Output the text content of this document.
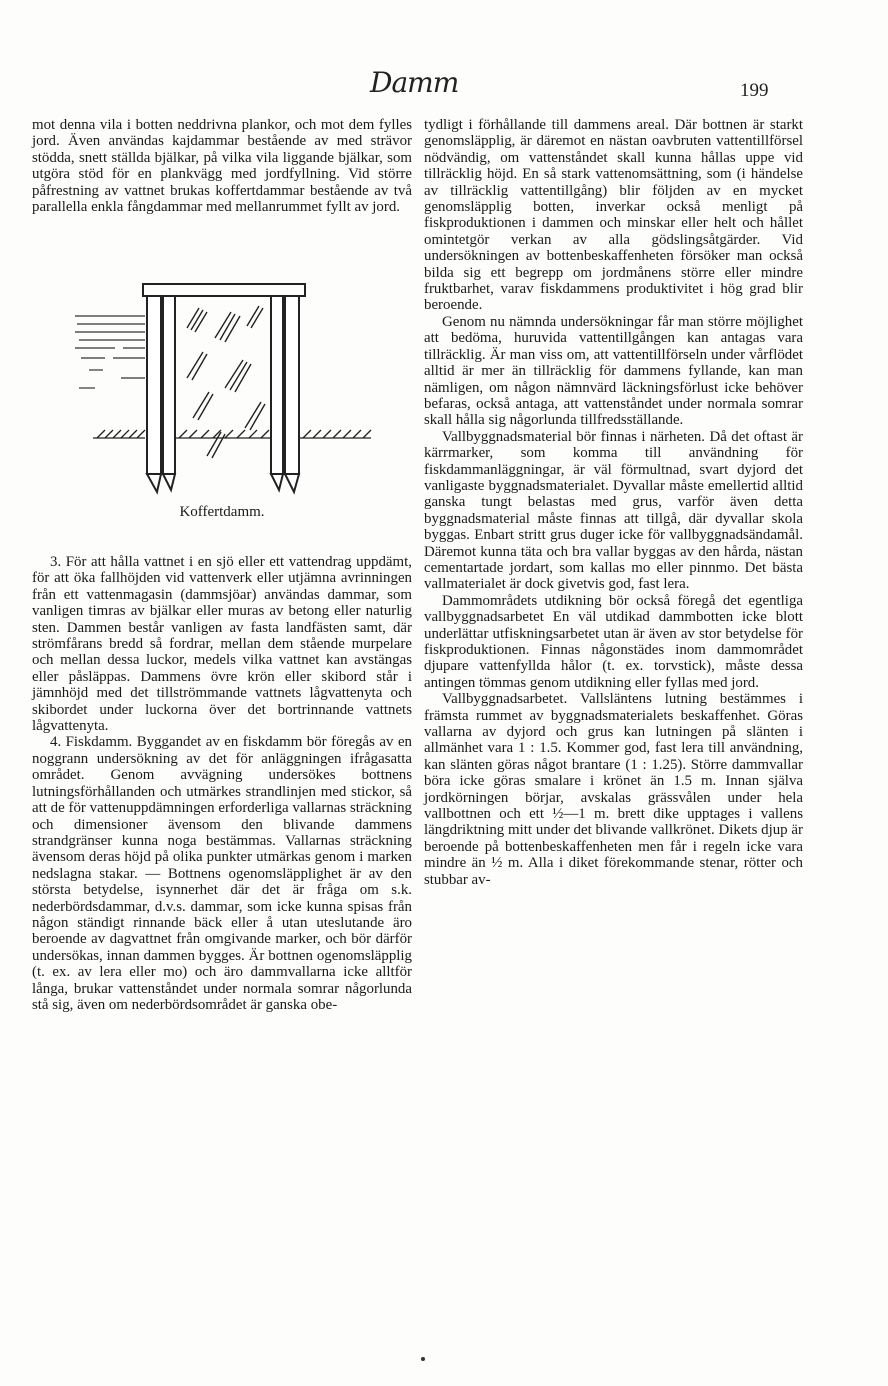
Damm	199

mot denna vila i botten neddrivna plankor, och mot dem fylles jord. Även användas kajdammar bestående av med strävor stödda, snett ställda bjälkar, på vilka vila liggande bjälkar, som utgöra stöd för en plankvägg med jordfyllning. Vid större påfrestning av vattnet brukas koffertdammar bestående av två parallella enkla fångdammar med mellanrummet fyllt av jord.

Koffertdamm.

3. För att hålla vattnet i en sjö eller ett vattendrag uppdämt, för att öka fallhöjden vid vattenverk eller utjämna avrinningen från ett vattenmagasin (dammsjöar) användas dammar, som vanligen timras av bjälkar eller muras av betong eller naturlig sten. Dammen består vanligen av fasta landfästen samt, där strömfårans bredd så fordrar, mellan dem stående murpelare och mellan dessa luckor, medels vilka vattnet kan avstängas eller påsläppas. Dammens övre krön eller skibord står i jämnhöjd med det tillströmmande vattnets lågvattenyta och skibordet under luckorna över det bortrinnande vattnets lågvattenyta.

4. Fiskdamm. Byggandet av en fiskdamm bör föregås av en noggrann undersökning av det för anläggningen ifrågasatta området. Genom avvägning undersökes bottnens lutningsförhållanden och utmärkes strandlinjen med stickor, så att de för vattenuppdämningen erforderliga vallarnas sträckning och dimensioner ävensom den blivande dammens strandgränser kunna noga bestämmas. Vallarnas sträckning ävensom deras höjd på olika punkter utmärkas genom i marken nedslagna stakar. — Bottnens ogenomsläpplighet är av den största betydelse, isynnerhet där det är fråga om s.k. nederbördsdammar, d.v.s. dammar, som icke kunna spisas från någon ständigt rinnande bäck eller å utan uteslutande äro beroende av dagvattnet från omgivande marker, och bör därför undersökas, innan dammen bygges. Är bottnen ogenomsläpplig (t. ex. av lera eller mo) och äro dammvallarna icke alltför långa, brukar vattenståndet under normala somrar någorlunda stå sig, även om nederbördsområdet är ganska obe-

tydligt i förhållande till dammens areal. Där bottnen är starkt genomsläpplig, är däremot en nästan oavbruten vattentillförsel nödvändig, om vattenståndet skall kunna hållas uppe vid tillräcklig höjd. En så stark vattenomsättning, som (i händelse av tillräcklig vattentillgång) blir följden av en mycket genomsläpplig botten, inverkar också menligt på fiskproduktionen i dammen och minskar eller helt och hållet omintetgör verkan av alla gödslingsåtgärder. Vid undersökningen av bottenbeskaffenheten försöker man också bilda sig ett begrepp om jordmånens större eller mindre fruktbarhet, varav fiskdammens produktivitet i hög grad blir beroende.

Genom nu nämnda undersökningar får man större möjlighet att bedöma, huruvida vattentillgången kan antagas vara tillräcklig. Är man viss om, att vattentillförseln under vårflödet alltid är mer än tillräcklig för dammens fyllande, kan man nämligen, om någon nämnvärd läckningsförlust icke behöver befaras, också antaga, att vattenståndet under normala somrar skall hålla sig någorlunda tillfredsställande.

Vallbyggnadsmaterial bör finnas i närheten. Då det oftast är kärrmarker, som komma till användning för fiskdammanläggningar, är väl förmultnad, svart dyjord det vanligaste byggnadsmaterialet. Dyvallar måste emellertid alltid ganska tungt belastas med grus, varför även detta byggnadsmaterial måste finnas att tillgå, där dyvallar skola byggas. Enbart stritt grus duger icke för vallbyggnadsändamål. Däremot kunna täta och bra vallar byggas av den hårda, nästan cementartade jordart, som kallas mo eller pinnmo. Det bästa vallmaterialet är dock givetvis god, fast lera.

Dammområdets utdikning bör också föregå det egentliga vallbyggnadsarbetet En väl utdikad dammbotten icke blott underlättar utfiskningsarbetet utan är även av stor betydelse för fiskproduktionen. Finnas någonstädes inom dammområdet djupare vattenfyllda hålor (t. ex. torvstick), måste dessa antingen tömmas genom utdikning eller fyllas med jord.

Vallbyggnadsarbetet. Vallsläntens lutning bestämmes i främsta rummet av byggnadsmaterialets beskaffenhet. Göras vallarna av dyjord och grus kan lutningen på slänten i allmänhet vara 1 : 1.5. Kommer god, fast lera till användning, kan slänten göras något brantare (1 : 1.25). Större dammvallar böra icke göras smalare i krönet än 1.5 m. Innan själva jordkörningen börjar, avskalas grässvålen under hela vallbottnen och ett ½—1 m. brett dike upptages i vallens längdriktning mitt under det blivande vallkrönet. Dikets djup är beroende på bottenbeskaffenheten men får i regeln icke vara mindre än ½ m. Alla i diket förekommande stenar, rötter och stubbar av-
